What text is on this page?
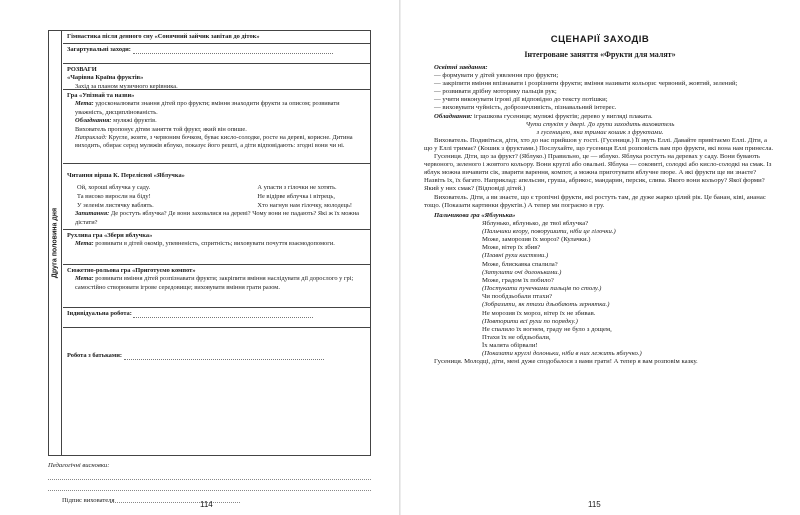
Друга половина дня
Гімнастика після денного сну «Сонячний зайчик завітав до діток»
Загартувальні заходи:
РОЗВАГИ
«Чарівна Країна фруктів»
Захід за планом музичного керівника.
Гра «Упізнай та назви»
Мета: удосконалювати знання дітей про фрукти; вміння знаходити фрукти за описом; розвивати уважність, дисциплінованість.
Обладнання: муляжі фруктів.
Вихователь пропонує дітям заняття той фрукт, який він опише.
Наприклад: Кругле, жовте, з червоним бочком, буває кисло-солодке, росте на дереві, корисне. Дитина виходить, обирає серед муляжів яблуко, показує його решті, а діти відповідають: згодні вони чи ні.
Читання вірша К. Перелісної «Яблучка»
Ой, хороші яблучка у саду.
Та високо виросли на біду!
У зеленім листячку ваблять.
А упасти з гілочки не хотять.
Не відірве яблучка і вітрець,
Хто нагнув нам гілочку, молодець!
Запитання: Де ростуть яблучка? Де вони заховалися на дереві? Чому вони не падають? Які ж їх можна дістати?
Рухлива гра «Збери яблучка»
Мета: розвивати в дітей окомір, упевненість, спритність; виховувати почуття взаємодопомоги.
Сюжетно-рольова гра «Приготуємо компот»
Мета: розвивати вміння дітей розпізнавати фрукти; закріпити вміння наслідувати дії дорослого у грі; самостійно створювати ігрове середовище; виховувати вміння грати разом.
Індивідуальна робота:
Робота з батьками:
Педагогічні висновки:
Підпис вихователя	114
СЦЕНАРІЇ ЗАХОДІВ
Інтегроване заняття «Фрукти для малят»

Освітні завдання:

— формувати у дітей уявлення про фрукти;

— закріпити вміння впізнавати і розрізняти фрукти; вміння називати кольори: червоний, жовтий, зелений;

— розвивати дрібну моторику пальців рук;

— учити виконувати ігрові дії відповідно до тексту потішки;

— виховувати чуйність, доброзичливість, пізнавальний інтерес.

Обладнання: іграшкова гусениця; муляжі фруктів; дерево у вигляді плаката.

Чути стукіт у двері. До групи заходить вихователь

з гусеницею, яка тримає кошик з фруктами.

Вихователь. Подивіться, діти, хто до нас прийшов у гості. (Гусениця.) Її звуть Еллі. Давайте привітаємо Еллі. Діти, а що у Еллі тримає? (Кошик з фруктами.) Послухайте, що гусениця Еллі розповість вам про фрукти, які вона нам принесла.

Гусениця. Діти, що за фрукт? (Яблуко.) Правильно, це — яблуко. Яблука ростуть на деревах у саду. Вони бувають червоного, зеленого і жовтого кольору. Вони круглі або овальні. Яблука — соковиті, солодкі або кисло-солодкі на смак. Із яблук можна вичавити сік, зварити варення, компот, а можна приготувати яблучне пюре. А які фрукти ще ви знаєте? Назвіть їх, їх багато. Наприклад: апельсин, груша, абрикос, мандарин, персик, слива. Якого вони кольору? Якої форми? Який у них смак? (Відповіді дітей.)

Вихователь. Діти, а ви знаєте, що є тропічні фрукти, які ростуть там, де дуже жарко цілий рік. Це банан, ківі, ананас тощо. (Показати картинки фруктів.) А тепер ми пограємо в гру.

Пальчикова гра «Яблунька»

Яблунько, яблунько, де твої яблучка?
(Пальчики вгору, поворушити, ніби це гілочки.)
Може, заморозив їх мороз? (Кулачки.)
Може, вітер їх збив?
(Плавні рухи кистями.)
Може, блискавка спалила?
(Затулити очі долоньками.)
Може, градом їх побило?
(Постукати пучечками пальців по столу.)
Чи пообдзьобали птахи?
(Зобразити, як птахи дзьобають зернятка.)
Не морозив їх мороз, вітер їх не збивав.
(Повторити всі рухи по порядку.)
Не спалило їх вогнем, граду не було з дощем,
Птахи їх не обдзьобали,
Їх малята обірвали!
(Показати круглі долоньки, ніби в них лежить яблучко.)

Гусениця. Молодці, діти, мені дуже сподобалося з вами грати! А тепер я вам розповім казку.

115
